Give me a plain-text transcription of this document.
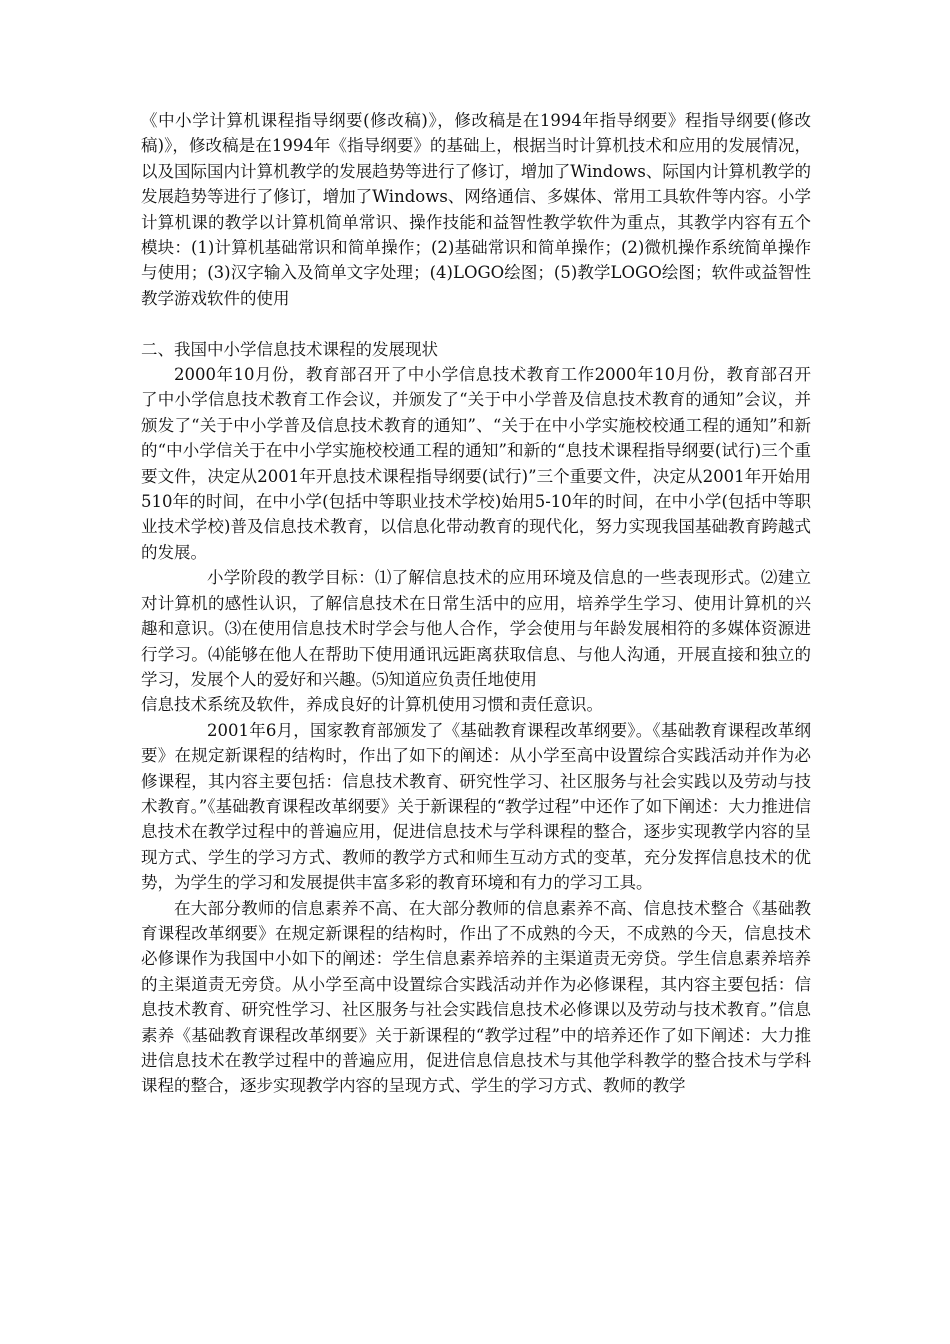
《中小学计算机课程指导纲要(修改稿)》，修改稿是在1994年指导纲要》程指导纲要(修改稿)》，修改稿是在1994年《指导纲要》的基础上，根据当时计算机技术和应用的发展情况，以及国际国内计算机教学的发展趋势等进行了修订，增加了Windows、际国内计算机教学的发展趋势等进行了修订，增加了Windows、网络通信、多媒体、常用工具软件等内容。小学计算机课的教学以计算机简单常识、操作技能和益智性教学软件为重点，其教学内容有五个模块：(1)计算机基础常识和简单操作；(2)基础常识和简单操作；(2)微机操作系统简单操作与使用；(3)汉字输入及简单文字处理；(4)LOGO绘图；(5)教学LOGO绘图；软件或益智性教学游戏软件的使用

二、我国中小学信息技术课程的发展现状

2000年10月份，教育部召开了中小学信息技术教育工作2000年10月份，教育部召开了中小学信息技术教育工作会议，并颁发了“关于中小学普及信息技术教育的通知”会议，并颁发了“关于中小学普及信息技术教育的通知”、“关于在中小学实施校校通工程的通知”和新的“中小学信关于在中小学实施校校通工程的通知”和新的“息技术课程指导纲要(试行)三个重要文件，决定从2001年开息技术课程指导纲要(试行)”三个重要文件，决定从2001年开始用510年的时间，在中小学(包括中等职业技术学校)始用5-10年的时间，在中小学(包括中等职业技术学校)普及信息技术教育，以信息化带动教育的现代化，努力实现我国基础教育跨越式的发展。

小学阶段的教学目标：⑴了解信息技术的应用环境及信息的一些表现形式。⑵建立对计算机的感性认识，了解信息技术在日常生活中的应用，培养学生学习、使用计算机的兴趣和意识。⑶在使用信息技术时学会与他人合作，学会使用与年龄发展相符的多媒体资源进行学习。⑷能够在他人在帮助下使用通讯远距离获取信息、与他人沟通，开展直接和独立的学习，发展个人的爱好和兴趣。⑸知道应负责任地使用

信息技术系统及软件，养成良好的计算机使用习惯和责任意识。

2001年6月，国家教育部颁发了《基础教育课程改革纲要》。《基础教育课程改革纲要》在规定新课程的结构时，作出了如下的阐述：从小学至高中设置综合实践活动并作为必修课程，其内容主要包括：信息技术教育、研究性学习、社区服务与社会实践以及劳动与技术教育。”《基础教育课程改革纲要》关于新课程的“教学过程”中还作了如下阐述：大力推进信息技术在教学过程中的普遍应用，促进信息技术与学科课程的整合，逐步实现教学内容的呈现方式、学生的学习方式、教师的教学方式和师生互动方式的变革，充分发挥信息技术的优势，为学生的学习和发展提供丰富多彩的教育环境和有力的学习工具。

在大部分教师的信息素养不高、在大部分教师的信息素养不高、信息技术整合《基础教育课程改革纲要》在规定新课程的结构时，作出了不成熟的今天，不成熟的今天，信息技术必修课作为我国中小如下的阐述：学生信息素养培养的主渠道责无旁贷。学生信息素养培养的主渠道责无旁贷。从小学至高中设置综合实践活动并作为必修课程，其内容主要包括：信息技术教育、研究性学习、社区服务与社会实践信息技术必修课以及劳动与技术教育。”信息素养《基础教育课程改革纲要》关于新课程的“教学过程”中的培养还作了如下阐述：大力推进信息技术在教学过程中的普遍应用，促进信息信息技术与其他学科教学的整合技术与学科课程的整合，逐步实现教学内容的呈现方式、学生的学习方式、教师的教学
